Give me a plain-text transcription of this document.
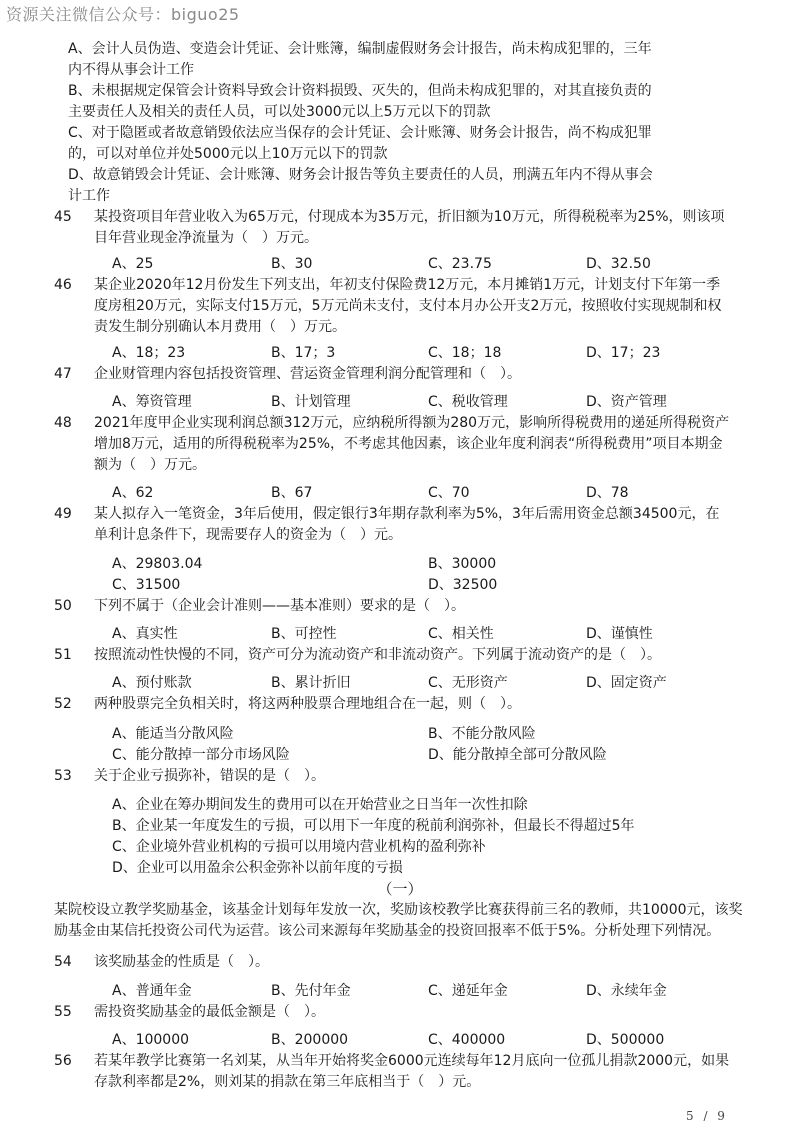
资源关注微信公众号：biguo25
A、会计人员伪造、变造会计凭证、会计账簿，编制虚假财务会计报告，尚未构成犯罪的，三年
内不得从事会计工作
B、未根据规定保管会计资料导致会计资料损毁、灭失的，但尚未构成犯罪的，对其直接负责的
主要责任人及相关的责任人员，可以处3000元以上5万元以下的罚款
C、对于隐匿或者故意销毁依法应当保存的会计凭证、会计账簿、财务会计报告，尚不构成犯罪
的，可以对单位并处5000元以上10万元以下的罚款
D、故意销毁会计凭证、会计账簿、财务会计报告等负主要责任的人员，刑满五年内不得从事会
计工作
45 某投资项目年营业收入为65万元，付现成本为35万元，折旧额为10万元，所得税税率为25%，则该项
目年营业现金净流量为（　）万元。
A、25	B、30	C、23.75	D、32.50
46 某企业2020年12月份发生下列支出，年初支付保险费12万元，本月摊销1万元，计划支付下年第一季
度房租20万元，实际支付15万元，5万元尚未支付，支付本月办公开支2万元，按照收付实现规制和权
责发生制分别确认本月费用（　）万元。
A、18；23	B、17；3	C、18；18	D、17；23
47 企业财管理内容包括投资管理、营运资金管理利润分配管理和（　）。
A、筹资管理	B、计划管理	C、税收管理	D、资产管理
48 2021年度甲企业实现利润总额312万元，应纳税所得额为280万元，影响所得税费用的递延所得税资产
增加8万元，适用的所得税税率为25%，不考虑其他因素，该企业年度利润表“所得税费用”项目本期金
额为（　）万元。
A、62	B、67	C、70	D、78
49 某人拟存入一笔资金，3年后使用，假定银行3年期存款利率为5%，3年后需用资金总额34500元，在
单利计息条件下，现需要存人的资金为（　）元。
A、29803.04	B、30000
C、31500	D、32500
50 下列不属于（企业会计准则——基本准则）要求的是（　）。
A、真实性	B、可控性	C、相关性	D、谨慎性
51 按照流动性快慢的不同，资产可分为流动资产和非流动资产。下列属于流动资产的是（　）。
A、预付账款	B、累计折旧	C、无形资产	D、固定资产
52 两种股票完全负相关时，将这两种股票合理地组合在一起，则（　）。
A、能适当分散风险	B、不能分散风险
C、能分散掉一部分市场风险	D、能分散掉全部可分散风险
53 关于企业亏损弥补，错误的是（　）。
A、企业在筹办期间发生的费用可以在开始营业之日当年一次性扣除
B、企业某一年度发生的亏损，可以用下一年度的税前利润弥补，但最长不得超过5年
C、企业境外营业机构的亏损可以用境内营业机构的盈利弥补
D、企业可以用盈余公积金弥补以前年度的亏损
（一）
某院校设立教学奖励基金，该基金计划每年发放一次，奖励该校教学比赛获得前三名的教师，共10000元，该奖
励基金由某信托投资公司代为运营。该公司来源每年奖励基金的投资回报率不低于5%。分析处理下列情况。
54 该奖励基金的性质是（　）。
A、普通年金	B、先付年金	C、递延年金	D、永续年金
55 需投资奖励基金的最低金额是（　）。
A、100000	B、200000	C、400000	D、500000
56 若某年教学比赛第一名刘某，从当年开始将奖金6000元连续每年12月底向一位孤儿捐款2000元，如果
存款利率都是2%，则刘某的捐款在第三年底相当于（　）元。
5 / 9
